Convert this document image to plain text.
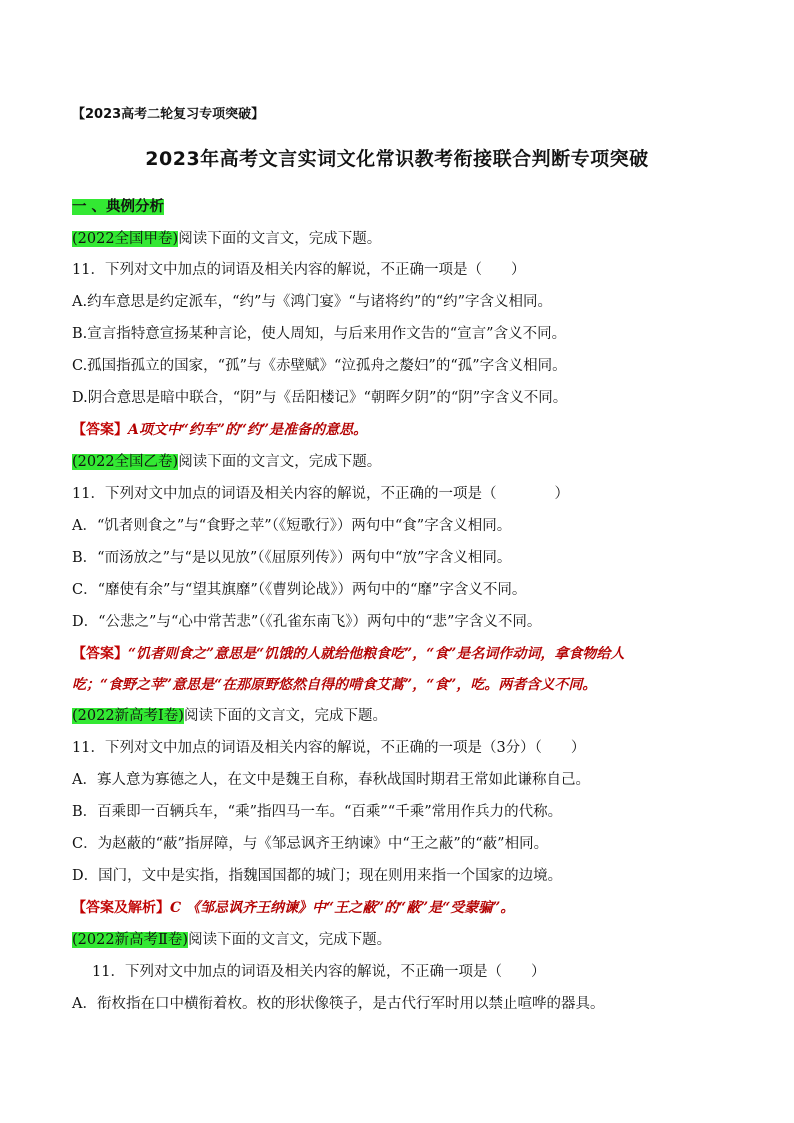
【2023高考二轮复习专项突破】
2023年高考文言实词文化常识教考衔接联合判断专项突破
一 、典例分析
(2022全国甲卷)阅读下面的文言文，完成下题。
11．下列对文中加点的词语及相关内容的解说，不正确一项是（　　）
A.约车意思是约定派车，“约”与《鸿门宴》“与诸将约”的“约”字含义相同。
B.宣言指特意宣扬某种言论，使人周知，与后来用作文告的“宣言”含义不同。
C.孤国指孤立的国家，“孤”与《赤壁赋》“泣孤舟之嫠妇”的“孤”字含义相同。
D.阴合意思是暗中联合，“阴”与《岳阳楼记》“朝晖夕阴”的“阴”字含义不同。
【答案】A项文中“约车”的“约”是准备的意思。
(2022全国乙卷)阅读下面的文言文，完成下题。
11．下列对文中加点的词语及相关内容的解说，不正确的一项是（　　　　）
A．“饥者则食之”与“食野之苹”（《短歌行》）两句中“食”字含义相同。
B．“而汤放之”与“是以见放”（《屈原列传》）两句中“放”字含义相同。
C．“靡使有余”与“望其旗靡”（《曹刿论战》）两句中的“靡”字含义不同。
D．“公悲之”与“心中常苦悲”（《孔雀东南飞》）两句中的“悲”字含义不同。
【答案】“饥者则食之”意思是“饥饿的人就给他粮食吃”，“食”是名词作动词，拿食物给人
吃；“食野之苹”意思是“在那原野悠然自得的啃食艾蒿”，“食”，吃。两者含义不同。
(2022新高考Ⅰ卷)阅读下面的文言文，完成下题。
11．下列对文中加点的词语及相关内容的解说，不正确的一项是（3分）（　　）
A．寡人意为寡德之人，在文中是魏王自称，春秋战国时期君王常如此谦称自己。
B．百乘即一百辆兵车，“乘”指四马一车。“百乘”“千乘”常用作兵力的代称。
C．为赵蔽的“蔽”指屏障，与《邹忌讽齐王纳谏》中“王之蔽”的“蔽”相同。
D．国门，文中是实指，指魏国国都的城门；现在则用来指一个国家的边境。
【答案及解析】C 《邹忌讽齐王纳谏》中“王之蔽”的“蔽”是“受蒙骗”。
(2022新高考Ⅱ卷)阅读下面的文言文，完成下题。
11．下列对文中加点的词语及相关内容的解说，不正确一项是（　　）
A．衔枚指在口中横衔着枚。枚的形状像筷子，是古代行军时用以禁止喧哗的器具。
